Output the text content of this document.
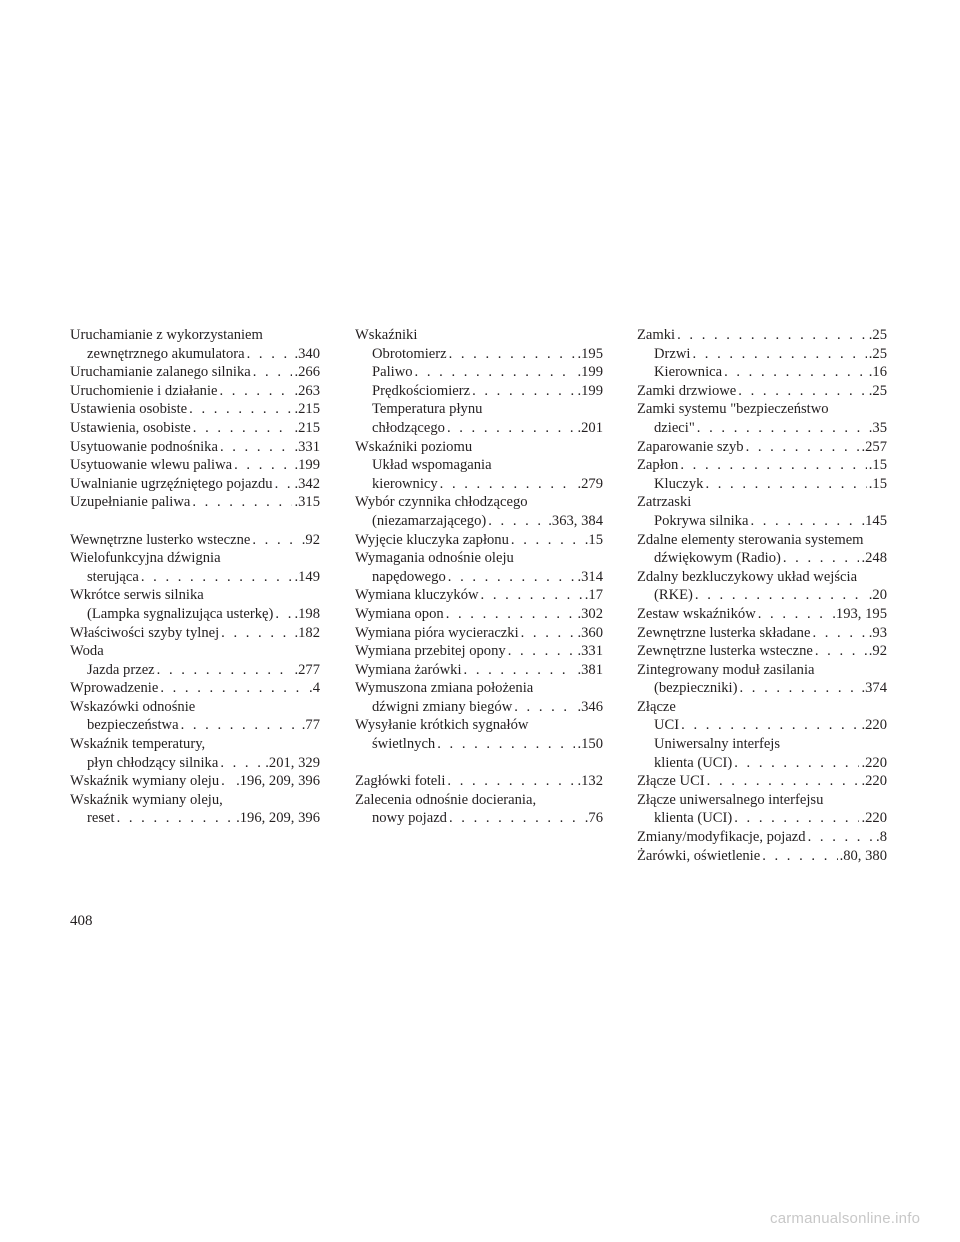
Uruchamianie z wykorzystaniem
zewnętrznego akumulatora . . .	.340
Uruchamianie zalanego silnika . . .	.266
Uruchomienie i działanie . . .	.263
Ustawienia osobiste . . .	.215
Ustawienia, osobiste . . .	.215
Usytuowanie podnośnika . . .	.331
Usytuowanie wlewu paliwa . . .	.199
Uwalnianie ugrzęźniętego pojazdu . . . .342
Uzupełnianie paliwa . . .	.315
Wewnętrzne lusterko wsteczne . . .	.92
Wielofunkcyjna dźwignia
sterująca . . .	.149
Wkrótce serwis silnika
(Lampka sygnalizująca usterkę) . . . .198
Właściwości szyby tylnej . . .	.182
Woda
Jazda przez . . .	.277
Wprowadzenie . . .	.4
Wskazówki odnośnie
bezpieczeństwa . . .	.77
Wskaźnik temperatury,
płyn chłodzący silnika . . .	.201, 329
Wskaźnik wymiany oleju . . . .196, 209, 396
Wskaźnik wymiany oleju,
reset . . .	.196, 209, 396
Wskaźniki
Obrotomierz . . .	.195
Paliwo . . .	.199
Prędkościomierz . . .	.199
Temperatura płynu
chłodzącego . . .	.201
Wskaźniki poziomu
Układ wspomagania
kierownicy . . .	.279
Wybór czynnika chłodzącego
(niezamarzającego) . . .	.363, 384
Wyjęcie kluczyka zapłonu . . .	.15
Wymagania odnośnie oleju
napędowego . . .	.314
Wymiana kluczyków . . .	.17
Wymiana opon . . .	.302
Wymiana pióra wycieraczki . . .	.360
Wymiana przebitej opony . . .	.331
Wymiana żarówki . . .	.381
Wymuszona zmiana położenia
dźwigni zmiany biegów . . .	.346
Wysyłanie krótkich sygnałów
świetlnych . . .	.150
Zagłówki foteli . . .	.132
Zalecenia odnośnie docierania,
nowy pojazd . . .	.76
Zamki . . .	.25
Drzwi . . .	.25
Kierownica . . .	.16
Zamki drzwiowe . . .	.25
Zamki systemu "bezpieczeństwo
dzieci" . . .	.35
Zaparowanie szyb . . .	.257
Zapłon . . .	.15
Kluczyk . . .	.15
Zatrzaski
Pokrywa silnika . . .	.145
Zdalne elementy sterowania systemem
dźwiękowym (Radio) . . .	.248
Zdalny bezkluczykowy układ wejścia
(RKE) . . .	.20
Zestaw wskaźników . . .	.193, 195
Zewnętrzne lusterka składane . . .	.93
Zewnętrzne lusterka wsteczne . . .	.92
Zintegrowany moduł zasilania
(bezpieczniki) . . .	.374
Złącze
UCI . . .	.220
Uniwersalny interfejs
klienta (UCI) . . .	.220
Złącze UCI . . .	.220
Złącze uniwersalnego interfejsu
klienta (UCI) . . .	.220
Zmiany/modyfikacje, pojazd . . .	.8
Żarówki, oświetlenie . . .	.80, 380
408
carmanualsonline.info
